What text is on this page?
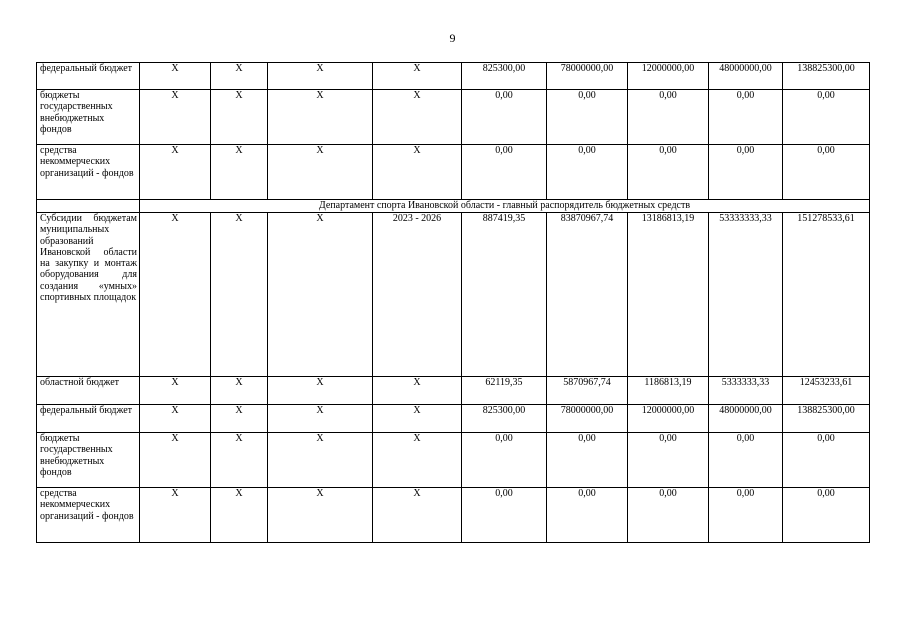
9
федеральный бюджет	X	X	X	X	825300,00	78000000,00	12000000,00	48000000,00	138825300,00
бюджеты государственных внебюджетных фондов	X	X	X	X	0,00	0,00	0,00	0,00	0,00
средства некоммерческих организаций - фондов	X	X	X	X	0,00	0,00	0,00	0,00	0,00
	Департамент спорта Ивановской области - главный распорядитель бюджетных средств								
Субсидии бюджетам муниципальных образований Ивановской области на закупку и монтаж оборудования для создания «умных» спортивных площадок	X	X	X	2023 - 2026	887419,35	83870967,74	13186813,19	53333333,33	151278533,61
областной бюджет	X	X	X	X	62119,35	5870967,74	1186813,19	5333333,33	12453233,61
федеральный бюджет	X	X	X	X	825300,00	78000000,00	12000000,00	48000000,00	138825300,00
бюджеты государственных внебюджетных фондов	X	X	X	X	0,00	0,00	0,00	0,00	0,00
средства некоммерческих организаций - фондов	X	X	X	X	0,00	0,00	0,00	0,00	0,00
